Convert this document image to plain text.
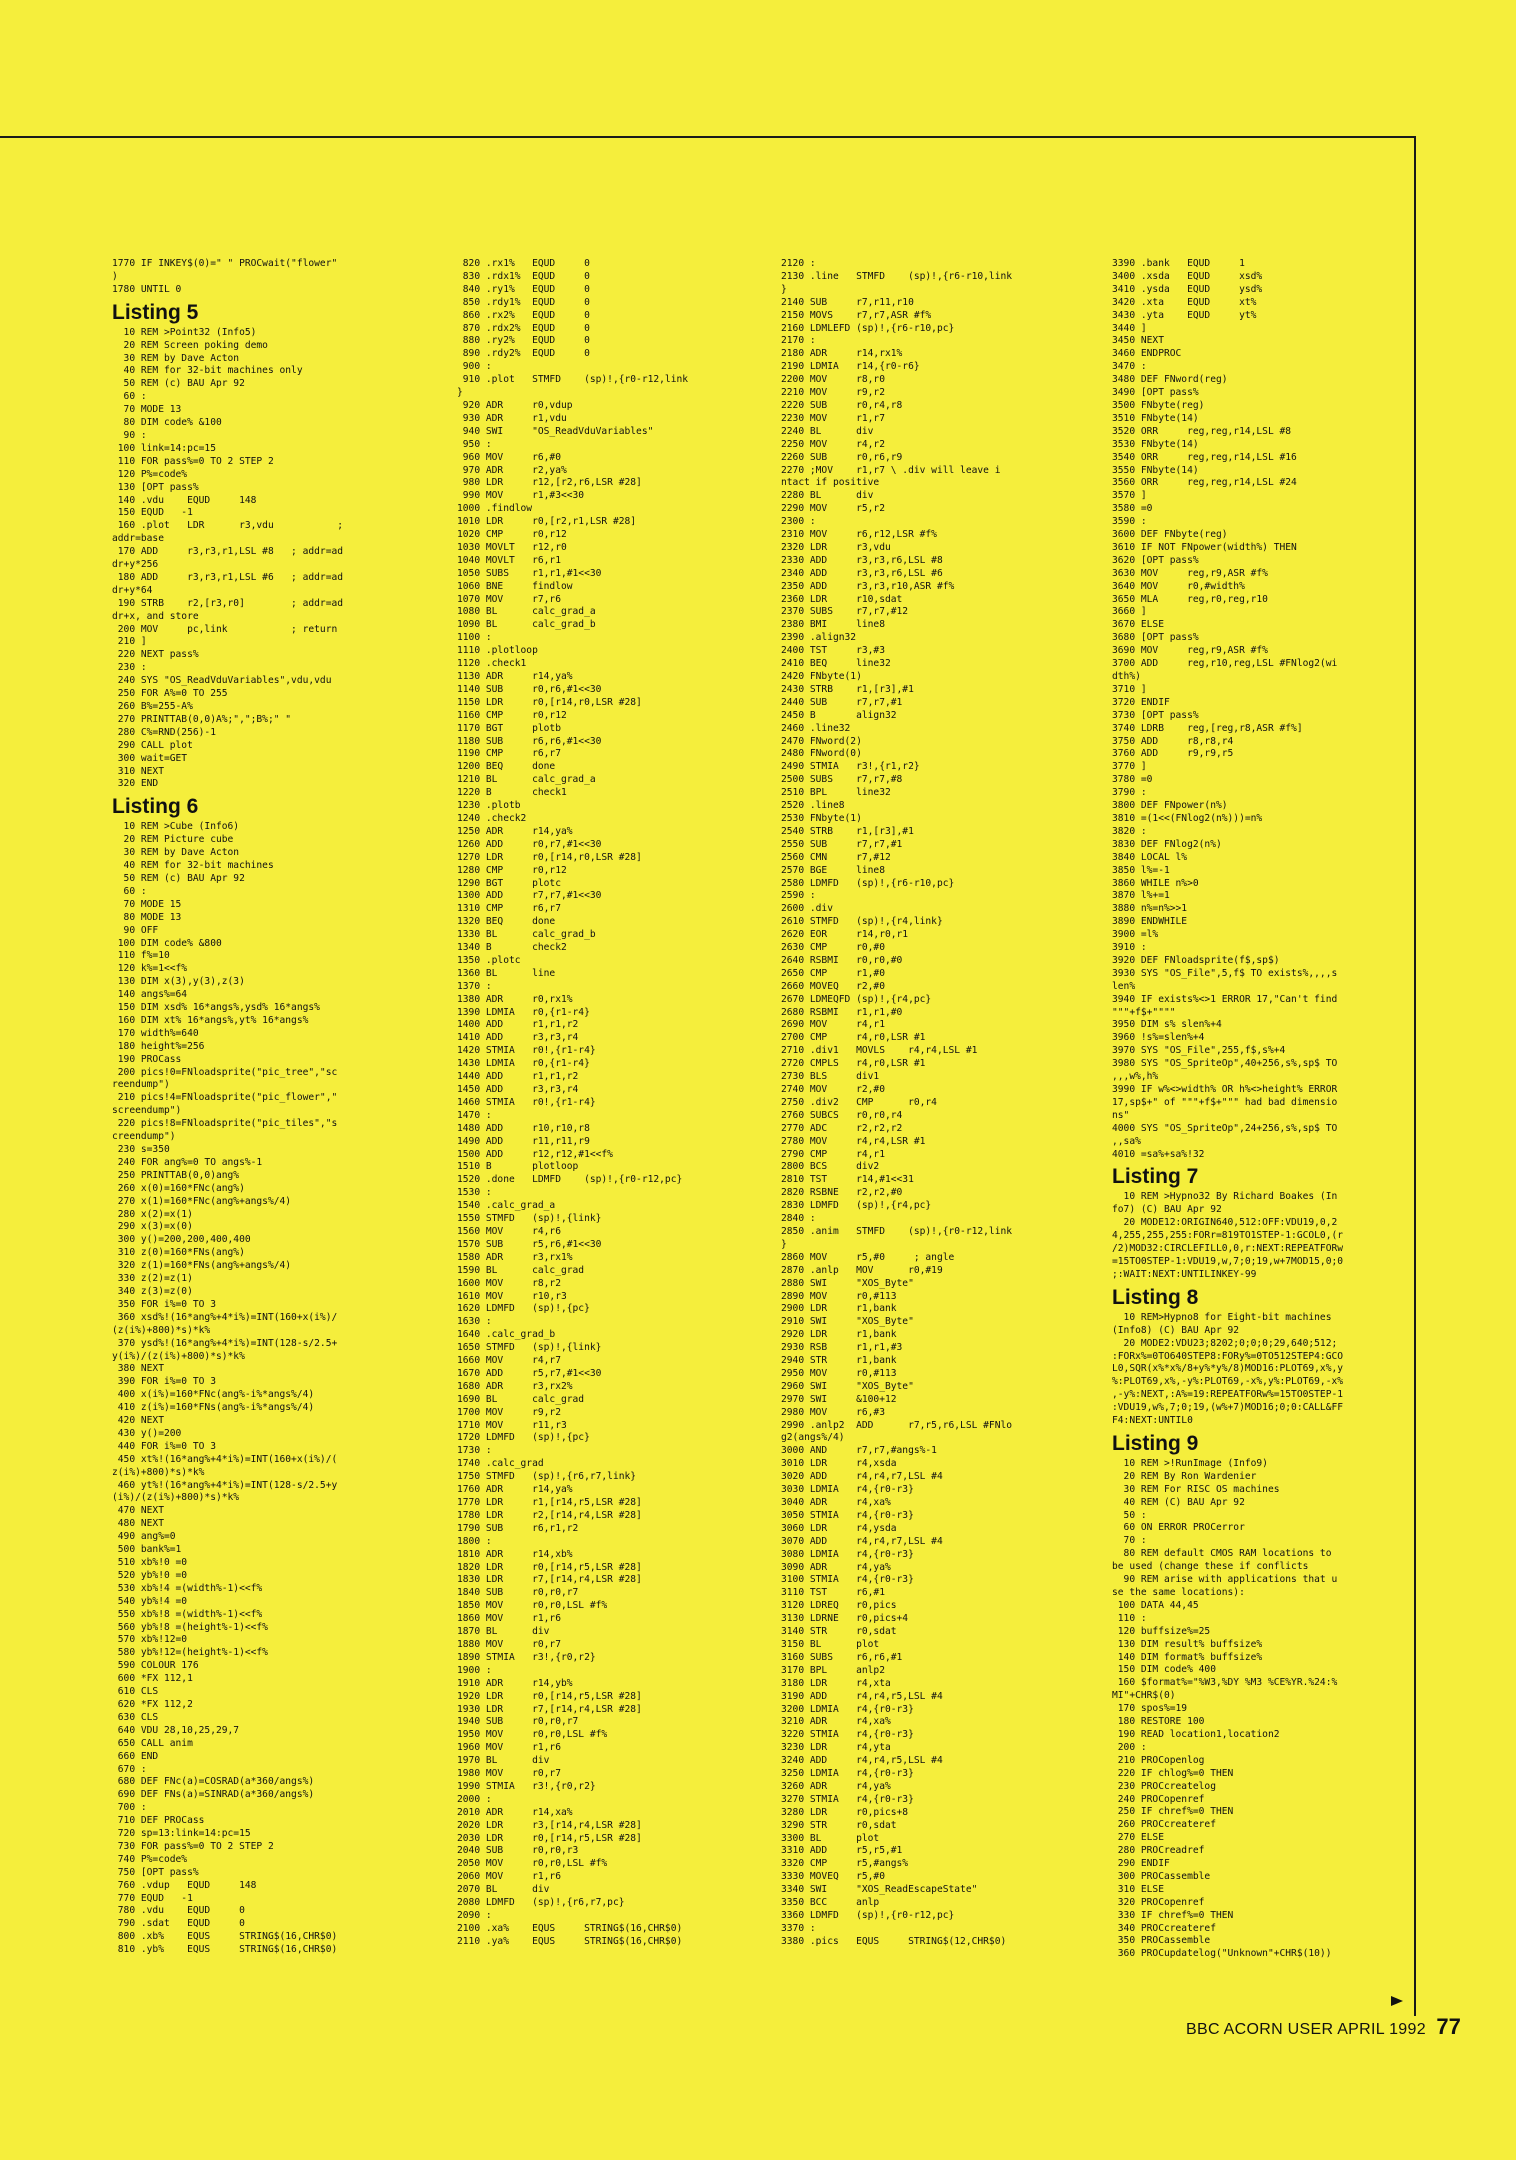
1770 IF INKEY$(0)=" " PROCwait("flower"
)
1780 UNTIL 0
Listing 5
10 REM >Point32 (Info5)
20 REM Screen poking demo
30 REM by Dave Acton
40 REM for 32-bit machines only
50 REM (c) BAU Apr 92
60 :
70 MODE 13
80 DIM code% &100
90 :
100 link=14:pc=15
110 FOR pass%=0 TO 2 STEP 2
120 P%=code%
130 [OPT pass%
140 .vdu    EQUD     148
150 EQUD   -1
160 .plot   LDR      r3,vdu           ;
addr=base
170 ADD     r3,r3,r1,LSL #8   ; addr=ad
dr+y*256
180 ADD     r3,r3,r1,LSL #6   ; addr=ad
dr+y*64
190 STRB    r2,[r3,r0]        ; addr=ad
dr+x, and store
200 MOV     pc,link           ; return
210 ]
220 NEXT pass%
230 :
240 SYS "OS_ReadVduVariables",vdu,vdu
250 FOR A%=0 TO 255
260 B%=255-A%
270 PRINTTAB(0,0)A%;",";B%;" "
280 C%=RND(256)-1
290 CALL plot
300 wait=GET
310 NEXT
320 END
Listing 6
10 REM >Cube (Info6)
20 REM Picture cube
30 REM by Dave Acton
40 REM for 32-bit machines
50 REM (c) BAU Apr 92
60 :
70 MODE 15
80 MODE 13
90 OFF
100 DIM code% &800
110 f%=10
120 k%=1<<f%
130 DIM x(3),y(3),z(3)
140 angs%=64
150 DIM xsd% 16*angs%,ysd% 16*angs%
160 DIM xt% 16*angs%,yt% 16*angs%
170 width%=640
180 height%=256
190 PROCass
200 pics!0=FNloadsprite("pic_tree","sc
reendump")
210 pics!4=FNloadsprite("pic_flower","
screendump")
220 pics!8=FNloadsprite("pic_tiles","s
creendump")
230 s=350
240 FOR ang%=0 TO angs%-1
250 PRINTTAB(0,0)ang%
260 x(0)=160*FNc(ang%)
270 x(1)=160*FNc(ang%+angs%/4)
280 x(2)=x(1)
290 x(3)=x(0)
300 y()=200,200,400,400
310 z(0)=160*FNs(ang%)
320 z(1)=160*FNs(ang%+angs%/4)
330 z(2)=z(1)
340 z(3)=z(0)
350 FOR i%=0 TO 3
360 xsd%!(16*ang%+4*i%)=INT(160+x(i%)/
(z(i%)+800)*s)*k%
370 ysd%!(16*ang%+4*i%)=INT(128-s/2.5+
y(i%)/(z(i%)+800)*s)*k%
380 NEXT
390 FOR i%=0 TO 3
400 x(i%)=160*FNc(ang%-i%*angs%/4)
410 z(i%)=160*FNs(ang%-i%*angs%/4)
420 NEXT
430 y()=200
440 FOR i%=0 TO 3
450 xt%!(16*ang%+4*i%)=INT(160+x(i%)/(
z(i%)+800)*s)*k%
460 yt%!(16*ang%+4*i%)=INT(128-s/2.5+y
(i%)/(z(i%)+800)*s)*k%
470 NEXT
480 NEXT
490 ang%=0
500 bank%=1
510 xb%!0 =0
520 yb%!0 =0
530 xb%!4 =(width%-1)<<f%
540 yb%!4 =0
550 xb%!8 =(width%-1)<<f%
560 yb%!8 =(height%-1)<<f%
570 xb%!12=0
580 yb%!12=(height%-1)<<f%
590 COLOUR 176
600 *FX 112,1
610 CLS
620 *FX 112,2
630 CLS
640 VDU 28,10,25,29,7
650 CALL anim
660 END
670 :
680 DEF FNc(a)=COSRAD(a*360/angs%)
690 DEF FNs(a)=SINRAD(a*360/angs%)
700 :
710 DEF PROCass
720 sp=13:link=14:pc=15
730 FOR pass%=0 TO 2 STEP 2
740 P%=code%
750 [OPT pass%
760 .vdup   EQUD     148
770 EQUD   -1
780 .vdu    EQUD     0
790 .sdat   EQUD     0
800 .xb%    EQUS     STRING$(16,CHR$0)
810 .yb%    EQUS     STRING$(16,CHR$0)
820 .rx1%   EQUD     0
830 .rdx1%  EQUD     0
840 .ry1%   EQUD     0
850 .rdy1%  EQUD     0
860 .rx2%   EQUD     0
870 .rdx2%  EQUD     0
880 .ry2%   EQUD     0
890 .rdy2%  EQUD     0
900 :
910 .plot   STMFD    (sp)!,{r0-r12,link
}
920 ADR     r0,vdup
930 ADR     r1,vdu
940 SWI     "OS_ReadVduVariables"
950 :
960 MOV     r6,#0
970 ADR     r2,ya%
980 LDR     r12,[r2,r6,LSR #28]
990 MOV     r1,#3<<30
1000 .findlow
1010 LDR     r0,[r2,r1,LSR #28]
1020 CMP     r0,r12
1030 MOVLT   r12,r0
1040 MOVLT   r6,r1
1050 SUBS    r1,r1,#1<<30
1060 BNE     findlow
1070 MOV     r7,r6
1080 BL      calc_grad_a
1090 BL      calc_grad_b
1100 :
1110 .plotloop
1120 .check1
1130 ADR     r14,ya%
1140 SUB     r0,r6,#1<<30
1150 LDR     r0,[r14,r0,LSR #28]
1160 CMP     r0,r12
1170 BGT     plotb
1180 SUB     r6,r6,#1<<30
1190 CMP     r6,r7
1200 BEQ     done
1210 BL      calc_grad_a
1220 B       check1
1230 .plotb
1240 .check2
1250 ADR     r14,ya%
1260 ADD     r0,r7,#1<<30
1270 LDR     r0,[r14,r0,LSR #28]
1280 CMP     r0,r12
1290 BGT     plotc
1300 ADD     r7,r7,#1<<30
1310 CMP     r6,r7
1320 BEQ     done
1330 BL      calc_grad_b
1340 B       check2
1350 .plotc
1360 BL      line
1370 :
1380 ADR     r0,rx1%
1390 LDMIA   r0,{r1-r4}
1400 ADD     r1,r1,r2
1410 ADD     r3,r3,r4
1420 STMIA   r0!,{r1-r4}
1430 LDMIA   r0,{r1-r4}
1440 ADD     r1,r1,r2
1450 ADD     r3,r3,r4
1460 STMIA   r0!,{r1-r4}
1470 :
1480 ADD     r10,r10,r8
1490 ADD     r11,r11,r9
1500 ADD     r12,r12,#1<<f%
1510 B       plotloop
1520 .done   LDMFD    (sp)!,{r0-r12,pc}
1530 :
1540 .calc_grad_a
1550 STMFD   (sp)!,{link}
1560 MOV     r4,r6
1570 SUB     r5,r6,#1<<30
1580 ADR     r3,rx1%
1590 BL      calc_grad
1600 MOV     r8,r2
1610 MOV     r10,r3
1620 LDMFD   (sp)!,{pc}
1630 :
1640 .calc_grad_b
1650 STMFD   (sp)!,{link}
1660 MOV     r4,r7
1670 ADD     r5,r7,#1<<30
1680 ADR     r3,rx2%
1690 BL      calc_grad
1700 MOV     r9,r2
1710 MOV     r11,r3
1720 LDMFD   (sp)!,{pc}
1730 :
1740 .calc_grad
1750 STMFD   (sp)!,{r6,r7,link}
1760 ADR     r14,ya%
1770 LDR     r1,[r14,r5,LSR #28]
1780 LDR     r2,[r14,r4,LSR #28]
1790 SUB     r6,r1,r2
1800 :
1810 ADR     r14,xb%
1820 LDR     r0,[r14,r5,LSR #28]
1830 LDR     r7,[r14,r4,LSR #28]
1840 SUB     r0,r0,r7
1850 MOV     r0,r0,LSL #f%
1860 MOV     r1,r6
1870 BL      div
1880 MOV     r0,r7
1890 STMIA   r3!,{r0,r2}
1900 :
1910 ADR     r14,yb%
1920 LDR     r0,[r14,r5,LSR #28]
1930 LDR     r7,[r14,r4,LSR #28]
1940 SUB     r0,r0,r7
1950 MOV     r0,r0,LSL #f%
1960 MOV     r1,r6
1970 BL      div
1980 MOV     r0,r7
1990 STMIA   r3!,{r0,r2}
2000 :
2010 ADR     r14,xa%
2020 LDR     r3,[r14,r4,LSR #28]
2030 LDR     r0,[r14,r5,LSR #28]
2040 SUB     r0,r0,r3
2050 MOV     r0,r0,LSL #f%
2060 MOV     r1,r6
2070 BL      div
2080 LDMFD   (sp)!,{r6,r7,pc}
2090 :
2100 .xa%    EQUS     STRING$(16,CHR$0)
2110 .ya%    EQUS     STRING$(16,CHR$0)
2120 :
2130 .line   STMFD    (sp)!,{r6-r10,link
}
2140 SUB     r7,r11,r10
2150 MOVS    r7,r7,ASR #f%
2160 LDMLEFD (sp)!,{r6-r10,pc}
2170 :
2180 ADR     r14,rx1%
2190 LDMIA   r14,{r0-r6}
2200 MOV     r8,r0
2210 MOV     r9,r2
2220 SUB     r0,r4,r8
2230 MOV     r1,r7
2240 BL      div
2250 MOV     r4,r2
2260 SUB     r0,r6,r9
2270 ;MOV    r1,r7 \ .div will leave i
ntact if positive
2280 BL      div
2290 MOV     r5,r2
2300 :
2310 MOV     r6,r12,LSR #f%
2320 LDR     r3,vdu
2330 ADD     r3,r3,r6,LSL #8
2340 ADD     r3,r3,r6,LSL #6
2350 ADD     r3,r3,r10,ASR #f%
2360 LDR     r10,sdat
2370 SUBS    r7,r7,#12
2380 BMI     line8
2390 .align32
2400 TST     r3,#3
2410 BEQ     line32
2420 FNbyte(1)
2430 STRB    r1,[r3],#1
2440 SUB     r7,r7,#1
2450 B       align32
2460 .line32
2470 FNword(2)
2480 FNword(0)
2490 STMIA   r3!,{r1,r2}
2500 SUBS    r7,r7,#8
2510 BPL     line32
2520 .line8
2530 FNbyte(1)
2540 STRB    r1,[r3],#1
2550 SUB     r7,r7,#1
2560 CMN     r7,#12
2570 BGE     line8
2580 LDMFD   (sp)!,{r6-r10,pc}
2590 :
2600 .div
2610 STMFD   (sp)!,{r4,link}
2620 EOR     r14,r0,r1
2630 CMP     r0,#0
2640 RSBMI   r0,r0,#0
2650 CMP     r1,#0
2660 MOVEQ   r2,#0
2670 LDMEQFD (sp)!,{r4,pc}
2680 RSBMI   r1,r1,#0
2690 MOV     r4,r1
2700 CMP     r4,r0,LSR #1
2710 .div1   MOVLS    r4,r4,LSL #1
2720 CMPLS   r4,r0,LSR #1
2730 BLS     div1
2740 MOV     r2,#0
2750 .div2   CMP      r0,r4
2760 SUBCS   r0,r0,r4
2770 ADC     r2,r2,r2
2780 MOV     r4,r4,LSR #1
2790 CMP     r4,r1
2800 BCS     div2
2810 TST     r14,#1<<31
2820 RSBNE   r2,r2,#0
2830 LDMFD   (sp)!,{r4,pc}
2840 :
2850 .anim   STMFD    (sp)!,{r0-r12,link
}
2860 MOV     r5,#0     ; angle
2870 .anlp   MOV      r0,#19
2880 SWI     "XOS_Byte"
2890 MOV     r0,#113
2900 LDR     r1,bank
2910 SWI     "XOS_Byte"
2920 LDR     r1,bank
2930 RSB     r1,r1,#3
2940 STR     r1,bank
2950 MOV     r0,#113
2960 SWI     "XOS_Byte"
2970 SWI     &100+12
2980 MOV     r6,#3
2990 .anlp2  ADD      r7,r5,r6,LSL #FNlo
g2(angs%/4)
3000 AND     r7,r7,#angs%-1
3010 LDR     r4,xsda
3020 ADD     r4,r4,r7,LSL #4
3030 LDMIA   r4,{r0-r3}
3040 ADR     r4,xa%
3050 STMIA   r4,{r0-r3}
3060 LDR     r4,ysda
3070 ADD     r4,r4,r7,LSL #4
3080 LDMIA   r4,{r0-r3}
3090 ADR     r4,ya%
3100 STMIA   r4,{r0-r3}
3110 TST     r6,#1
3120 LDREQ   r0,pics
3130 LDRNE   r0,pics+4
3140 STR     r0,sdat
3150 BL      plot
3160 SUBS    r6,r6,#1
3170 BPL     anlp2
3180 LDR     r4,xta
3190 ADD     r4,r4,r5,LSL #4
3200 LDMIA   r4,{r0-r3}
3210 ADR     r4,xa%
3220 STMIA   r4,{r0-r3}
3230 LDR     r4,yta
3240 ADD     r4,r4,r5,LSL #4
3250 LDMIA   r4,{r0-r3}
3260 ADR     r4,ya%
3270 STMIA   r4,{r0-r3}
3280 LDR     r0,pics+8
3290 STR     r0,sdat
3300 BL      plot
3310 ADD     r5,r5,#1
3320 CMP     r5,#angs%
3330 MOVEQ   r5,#0
3340 SWI     "XOS_ReadEscapeState"
3350 BCC     anlp
3360 LDMFD   (sp)!,{r0-r12,pc}
3370 :
3380 .pics   EQUS     STRING$(12,CHR$0)
3390 .bank   EQUD     1
3400 .xsda   EQUD     xsd%
3410 .ysda   EQUD     ysd%
3420 .xta    EQUD     xt%
3430 .yta    EQUD     yt%
3440 ]
3450 NEXT
3460 ENDPROC
3470 :
3480 DEF FNword(reg)
3490 [OPT pass%
3500 FNbyte(reg)
3510 FNbyte(14)
3520 ORR     reg,reg,r14,LSL #8
3530 FNbyte(14)
3540 ORR     reg,reg,r14,LSL #16
3550 FNbyte(14)
3560 ORR     reg,reg,r14,LSL #24
3570 ]
3580 =0
3590 :
3600 DEF FNbyte(reg)
3610 IF NOT FNpower(width%) THEN
3620 [OPT pass%
3630 MOV     reg,r9,ASR #f%
3640 MOV     r0,#width%
3650 MLA     reg,r0,reg,r10
3660 ]
3670 ELSE
3680 [OPT pass%
3690 MOV     reg,r9,ASR #f%
3700 ADD     reg,r10,reg,LSL #FNlog2(wi
dth%)
3710 ]
3720 ENDIF
3730 [OPT pass%
3740 LDRB    reg,[reg,r8,ASR #f%]
3750 ADD     r8,r8,r4
3760 ADD     r9,r9,r5
3770 ]
3780 =0
3790 :
3800 DEF FNpower(n%)
3810 =(1<<(FNlog2(n%)))=n%
3820 :
3830 DEF FNlog2(n%)
3840 LOCAL l%
3850 l%=-1
3860 WHILE n%>0
3870 l%+=1
3880 n%=n%>>1
3890 ENDWHILE
3900 =l%
3910 :
3920 DEF FNloadsprite(f$,sp$)
3930 SYS "OS_File",5,f$ TO exists%,,,,s
len%
3940 IF exists%<>1 ERROR 17,"Can't find
"""+f$+""""
3950 DIM s% slen%+4
3960 !s%=slen%+4
3970 SYS "OS_File",255,f$,s%+4
3980 SYS "OS_SpriteOp",40+256,s%,sp$ TO
,,,w%,h%
3990 IF w%<>width% OR h%<>height% ERROR
17,sp$+" of """+f$+""" had bad dimensio
ns"
4000 SYS "OS_SpriteOp",24+256,s%,sp$ TO
,,sa%
4010 =sa%+sa%!32
Listing 7
10 REM >Hypno32 By Richard Boakes (In
fo7) (C) BAU Apr 92
20 MODE12:ORIGIN640,512:OFF:VDU19,0,2
4,255,255,255:FORr=819TO1STEP-1:GCOL0,(r
/2)MOD32:CIRCLEFILL0,0,r:NEXT:REPEATFORw
=15TO0STEP-1:VDU19,w,7;0;19,w+7MOD15,0;0
;:WAIT:NEXT:UNTILINKEY-99
Listing 8
10 REM>Hypno8 for Eight-bit machines
(Info8) (C) BAU Apr 92
20 MODE2:VDU23;8202;0;0;0;29,640;512;
:FORx%=0TO640STEP8:FORy%=0TO512STEP4:GCO
L0,SQR(x%*x%/8+y%*y%/8)MOD16:PLOT69,x%,y
%:PLOT69,x%,-y%:PLOT69,-x%,y%:PLOT69,-x%
,-y%:NEXT,:A%=19:REPEATFORw%=15TO0STEP-1
:VDU19,w%,7;0;19,(w%+7)MOD16;0;0:CALL&FF
F4:NEXT:UNTIL0
Listing 9
10 REM >!RunImage (Info9)
20 REM By Ron Wardenier
30 REM For RISC OS machines
40 REM (C) BAU Apr 92
50 :
60 ON ERROR PROCerror
70 :
80 REM default CMOS RAM locations to
be used (change these if conflicts
90 REM arise with applications that u
se the same locations):
100 DATA 44,45
110 :
120 buffsize%=25
130 DIM result% buffsize%
140 DIM format% buffsize%
150 DIM code% 400
160 $format%="%W3,%DY %M3 %CE%YR.%24:%
MI"+CHR$(0)
170 spos%=19
180 RESTORE 100
190 READ location1,location2
200 :
210 PROCopenlog
220 IF chlog%=0 THEN
230 PROCcreatelog
240 PROCopenref
250 IF chref%=0 THEN
260 PROCcreateref
270 ELSE
280 PROCreadref
290 ENDIF
300 PROCassemble
310 ELSE
320 PROCopenref
330 IF chref%=0 THEN
340 PROCcreateref
350 PROCassemble
360 PROCupdatelog("Unknown"+CHR$(10))
BBC ACORN USER APRIL 1992 77
